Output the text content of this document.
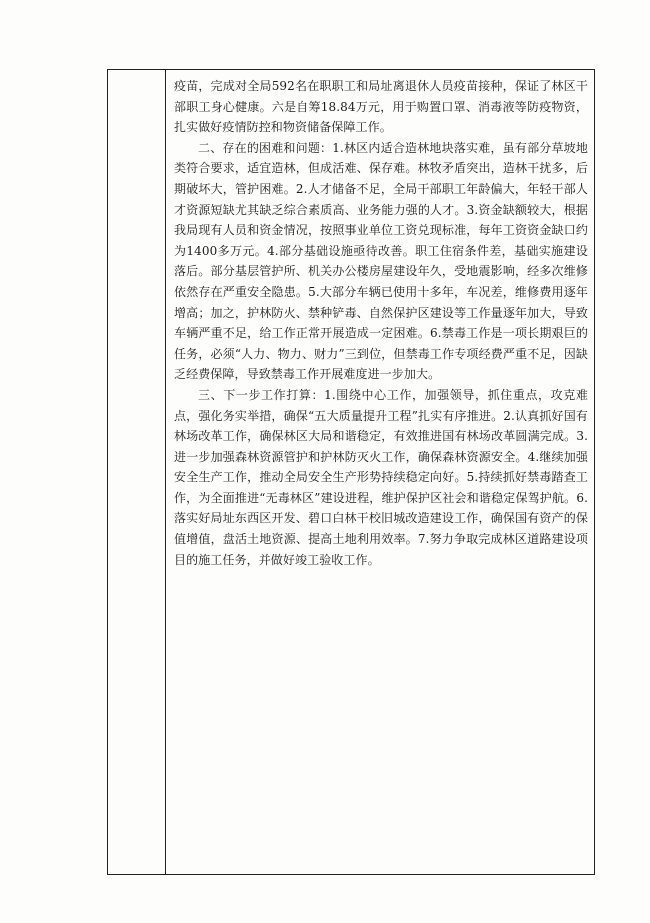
疫苗，完成对全局592名在职职工和局址离退休人员疫苗接种，保证了林区干部职工身心健康。六是自筹18.84万元，用于购置口罩、消毒液等防疫物资，扎实做好疫情防控和物资储备保障工作。

二、存在的困难和问题：1.林区内适合造林地块落实难，虽有部分草坡地类符合要求，适宜造林，但成活难、保存难。林牧矛盾突出，造林干扰多，后期破坏大，管护困难。2.人才储备不足，全局干部职工年龄偏大，年轻干部人才资源短缺尤其缺乏综合素质高、业务能力强的人才。3.资金缺额较大，根据我局现有人员和资金情况，按照事业单位工资兑现标准，每年工资资金缺口约为1400多万元。4.部分基础设施亟待改善。职工住宿条件差，基础实施建设落后。部分基层管护所、机关办公楼房屋建设年久，受地震影响，经多次维修依然存在严重安全隐患。5.大部分车辆已使用十多年，车况差，维修费用逐年增高；加之，护林防火、禁种铲毒、自然保护区建设等工作量逐年加大，导致车辆严重不足，给工作正常开展造成一定困难。6.禁毒工作是一项长期艰巨的任务，必须“人力、物力、财力”三到位，但禁毒工作专项经费严重不足，因缺乏经费保障，导致禁毒工作开展难度进一步加大。

三、下一步工作打算：1.围绕中心工作，加强领导，抓住重点，攻克难点，强化务实举措，确保“五大质量提升工程”扎实有序推进。2.认真抓好国有林场改革工作，确保林区大局和谐稳定，有效推进国有林场改革圆满完成。3.进一步加强森林资源管护和护林防灭火工作，确保森林资源安全。4.继续加强安全生产工作，推动全局安全生产形势持续稳定向好。5.持续抓好禁毒踏查工作，为全面推进“无毒林区”建设进程，维护保护区社会和谐稳定保驾护航。6.落实好局址东西区开发、碧口白林干校旧城改造建设工作，确保国有资产的保值增值，盘活土地资源、提高土地利用效率。7.努力争取完成林区道路建设项目的施工任务，并做好竣工验收工作。
